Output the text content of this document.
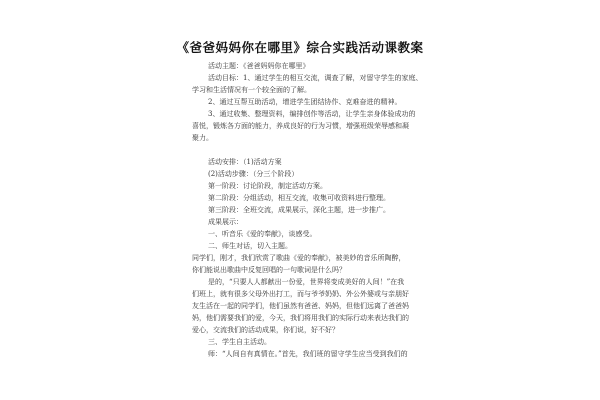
《爸爸妈妈你在哪里》综合实践活动课教案
活动主题：《爸爸妈妈你在哪里》
活动目标：1、通过学生的相互交流，调查了解，对留守学生的家庭、
学习和生活情况有一个较全面的了解。
2、通过互帮互助活动，增进学生团结协作、克难奋进的精神。
3、通过收集、整理资料，编排创作等活动，让学生亲身体验成功的
喜悦，锻炼各方面的能力，养成良好的行为习惯，增强班级荣辱感和凝
聚力。
活动安排：（1)活动方案
(2)活动步骤：（分三个阶段）
第一阶段：讨论阶段，制定活动方案。
第二阶段：分组活动，相互交流，收集可收资料进行整理。
第三阶段：全班交流，成果展示，深化主题，进一步推广。
成果展示：
一、听音乐《爱的奉献》，谈感受。
二、师生对话，切入主题。
同学们，刚才，我们欣赏了歌曲《爱的奉献》，被美妙的音乐所陶醉，
你们能说出歌曲中反复回唱的一句歌词是什么吗？
是的，“只要人人都献出一份爱，世界将变成美好的人间！”在我
们班上，就有很多父母外出打工，而与爷爷奶奶、外公外婆或与亲朋好
友生活在一起的同学们，他们虽然有爸爸、妈妈，但他们远离了爸爸妈
妈，他们需要我们的爱，今天，我们将用我们的实际行动来表达我们的
爱心，交流我们的活动成果，你们说，好不好？
三、学生自主活动。
师：“人间自有真情在。”首先，我们班的留守学生应当受到我们的
